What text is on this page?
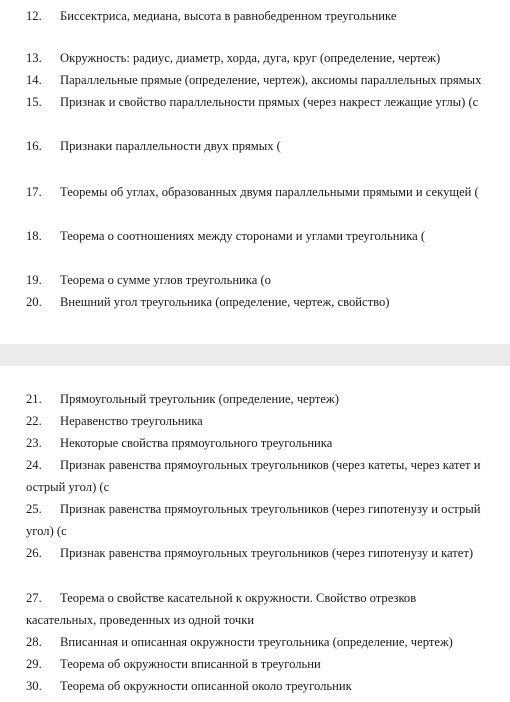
12. Биссектриса, медиана, высота в равнобедренном треугольнике
13. Окружность: радиус, диаметр, хорда, дуга, круг (определение, чертеж)
14. Параллельные прямые (определение, чертеж), аксиомы параллельных прямых
15. Признак и свойство параллельности прямых (через накрест лежащие углы) (с
16. Признаки параллельности двух прямых (
17. Теоремы об углах, образованных двумя параллельными прямыми и секущей (
18. Теорема о соотношениях между сторонами и углами треугольника (
19. Теорема о сумме углов треугольника (о
20. Внешний угол треугольника (определение, чертеж, свойство)
21. Прямоугольный треугольник (определение, чертеж)
22. Неравенство треугольника
23. Некоторые свойства прямоугольного треугольника
24. Признак равенства прямоугольных треугольников (через катеты, через катет и
острый угол) (с
25. Признак равенства прямоугольных треугольников (через гипотенузу и острый
угол) (с
26. Признак равенства прямоугольных треугольников (через гипотенузу и катет)
27. Теорема о свойстве касательной к окружности. Свойство отрезков
касательных, проведенных из одной точки
28. Вписанная и описанная окружности треугольника (определение, чертеж)
29. Теорема об окружности вписанной в треугольни
30. Теорема об окружности описанной около треугольник
